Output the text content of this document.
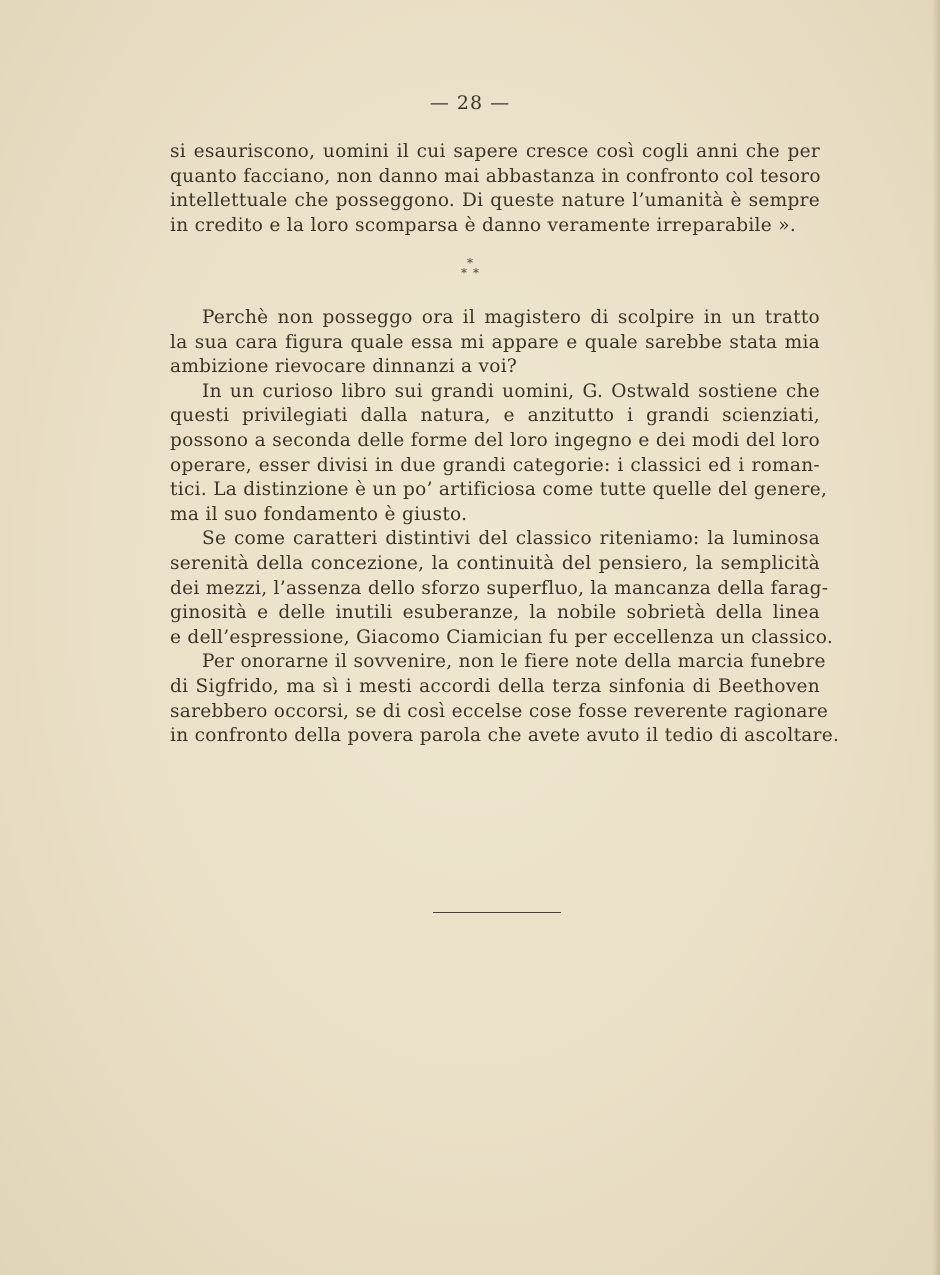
— 28 —

si esauriscono, uomini il cui sapere cresce così cogli anni che per
quanto facciano, non danno mai abbastanza in confronto col tesoro
intellettuale che posseggono. Di queste nature l’umanità è sempre
in credito e la loro scomparsa è danno veramente irreparabile ».

*
**

Perchè non posseggo ora il magistero di scolpire in un tratto
la sua cara figura quale essa mi appare e quale sarebbe stata mia
ambizione rievocare dinnanzi a voi?

In un curioso libro sui grandi uomini, G. Ostwald sostiene che
questi privilegiati dalla natura, e anzitutto i grandi scienziati,
possono a seconda delle forme del loro ingegno e dei modi del loro
operare, esser divisi in due grandi categorie: i classici ed i roman-
tici. La distinzione è un po’ artificiosa come tutte quelle del genere,
ma il suo fondamento è giusto.

Se come caratteri distintivi del classico riteniamo: la luminosa
serenità della concezione, la continuità del pensiero, la semplicità
dei mezzi, l’assenza dello sforzo superfluo, la mancanza della farag-
ginosità e delle inutili esuberanze, la nobile sobrietà della linea
e dell’espressione, Giacomo Ciamician fu per eccellenza un classico.

Per onorarne il sovvenire, non le fiere note della marcia funebre
di Sigfrido, ma sì i mesti accordi della terza sinfonia di Beethoven
sarebbero occorsi, se di così eccelse cose fosse reverente ragionare
in confronto della povera parola che avete avuto il tedio di ascoltare.
